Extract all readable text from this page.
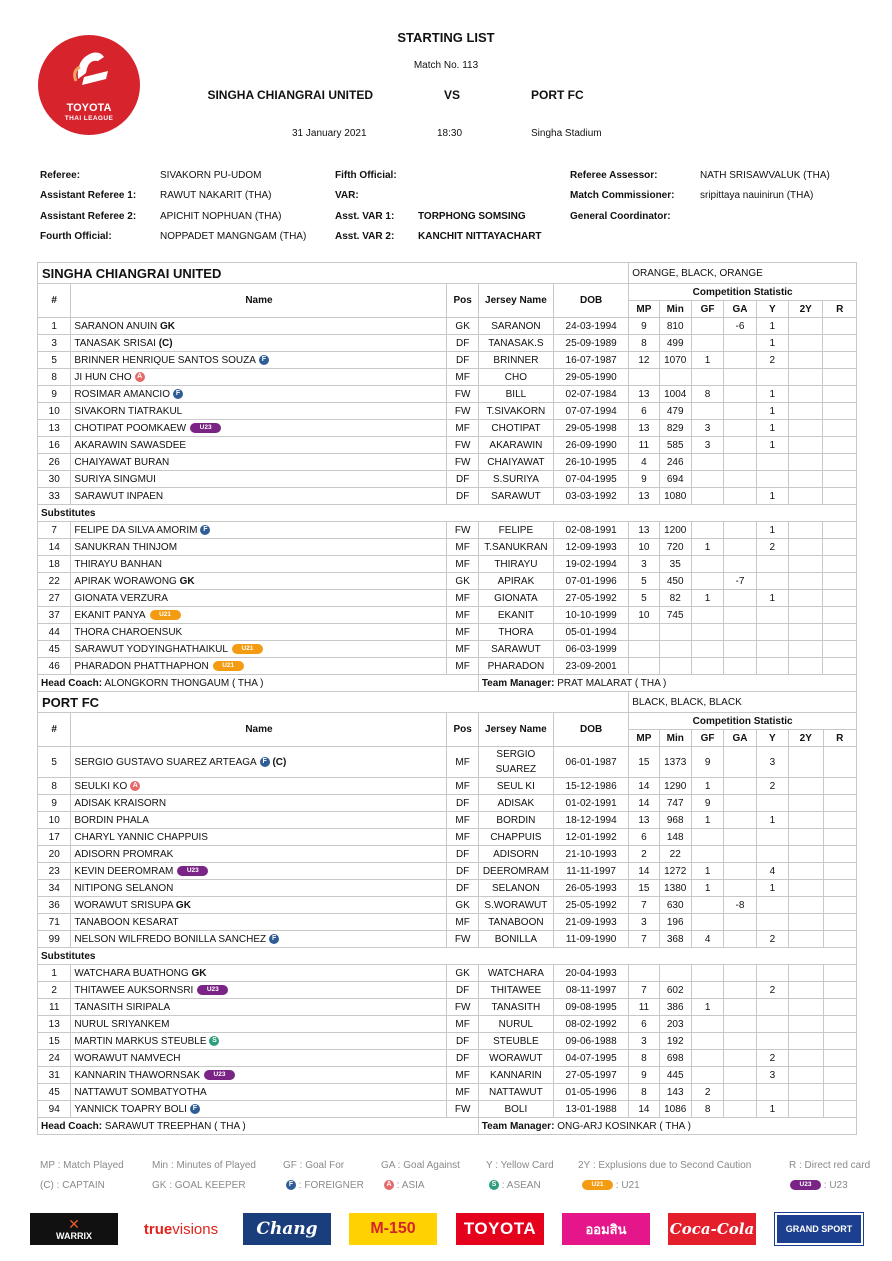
TOYOTA
THAI LEAGUE
STARTING LIST
Match No. 113
SINGHA CHIANGRAI UNITED	VS	PORT FC
31 January 2021	18:30	Singha Stadium
Referee:	SIVAKORN PU-UDOM
Assistant Referee 1: RAWUT NAKARIT (THA)
Assistant Referee 2: APICHIT NOPHUAN (THA)
Fourth Official:	NOPPADET MANGNGAM (THA)
Fifth Official:
VAR:
Asst. VAR 1: TORPHONG SOMSING
Asst. VAR 2: KANCHIT NITTAYACHART
Referee Assessor:	NATH SRISAWVALUK (THA)
Match Commissioner:	sripittaya nauinirun (THA)
General Coordinator:
SINGHA CHIANGRAI UNITED					ORANGE, BLACK, ORANGE						
#	Name	Pos	Jersey Name	DOB	Competition Statistic						
					MP	Min	GF	GA	Y	2Y	R
1	SARANON ANUIN GK	GK	SARANON	24-03-1994	9	810		-6	1		
3	TANASAK SRISAI (C)	DF	TANASAK.S	25-09-1989	8	499			1		
5	BRINNER HENRIQUE SANTOS SOUZA F	DF	BRINNER	16-07-1987	12	1070	1		2		
8	JI HUN CHO A	MF	CHO	29-05-1990							
9	ROSIMAR AMANCIO F	FW	BILL	02-07-1984	13	1004	8		1		
10	SIVAKORN TIATRAKUL	FW	T.SIVAKORN	07-07-1994	6	479			1		
13	CHOTIPAT POOMKAEW U23	MF	CHOTIPAT	29-05-1998	13	829	3		1		
16	AKARAWIN SAWASDEE	FW	AKARAWIN	26-09-1990	11	585	3		1		
26	CHAIYAWAT BURAN	FW	CHAIYAWAT	26-10-1995	4	246					
30	SURIYA SINGMUI	DF	S.SURIYA	07-04-1995	9	694					
33	SARAWUT INPAEN	DF	SARAWUT	03-03-1992	13	1080			1		
Substitutes											
7	FELIPE DA SILVA AMORIM F	FW	FELIPE	02-08-1991	13	1200			1		
14	SANUKRAN THINJOM	MF	T.SANUKRAN	12-09-1993	10	720	1		2		
18	THIRAYU BANHAN	MF	THIRAYU	19-02-1994	3	35					
22	APIRAK WORAWONG GK	GK	APIRAK	07-01-1996	5	450		-7			
27	GIONATA VERZURA	MF	GIONATA	27-05-1992	5	82	1		1		
37	EKANIT PANYA U21	MF	EKANIT	10-10-1999	10	745					
44	THORA CHAROENSUK	MF	THORA	05-01-1994							
45	SARAWUT YODYINGHATHAIKUL U21	MF	SARAWUT	06-03-1999							
46	PHARADON PHATTHAPHON U21	MF	PHARADON	23-09-2001							
Head Coach: ALONGKORN THONGAUM ( THA )			Team Manager: PRAT MALARAT ( THA )								
PORT FC					BLACK, BLACK, BLACK						
#	Name	Pos	Jersey Name	DOB	Competition Statistic						
					MP	Min	GF	GA	Y	2Y	R
5	SERGIO GUSTAVO SUAREZ ARTEAGA F (C)	MF	SERGIO SUAREZ	06-01-1987	15	1373	9		3		
8	SEULKI KO A	MF	SEUL KI	15-12-1986	14	1290	1		2		
9	ADISAK KRAISORN	DF	ADISAK	01-02-1991	14	747	9				
10	BORDIN PHALA	MF	BORDIN	18-12-1994	13	968	1		1		
17	CHARYL YANNIC CHAPPUIS	MF	CHAPPUIS	12-01-1992	6	148					
20	ADISORN PROMRAK	DF	ADISORN	21-10-1993	2	22					
23	KEVIN DEEROMRAM U23	DF	DEEROMRAM	11-11-1997	14	1272	1		4		
34	NITIPONG SELANON	DF	SELANON	26-05-1993	15	1380	1		1		
36	WORAWUT SRISUPA GK	GK	S.WORAWUT	25-05-1992	7	630		-8			
71	TANABOON KESARAT	MF	TANABOON	21-09-1993	3	196					
99	NELSON WILFREDO BONILLA SANCHEZ F	FW	BONILLA	11-09-1990	7	368	4		2		
Substitutes											
1	WATCHARA BUATHONG GK	GK	WATCHARA	20-04-1993							
2	THITAWEE AUKSORNSRI U23	DF	THITAWEE	08-11-1997	7	602			2		
11	TANASITH SIRIPALA	FW	TANASITH	09-08-1995	11	386	1				
13	NURUL SRIYANKEM	MF	NURUL	08-02-1992	6	203					
15	MARTIN MARKUS STEUBLE S	DF	STEUBLE	09-06-1988	3	192					
24	WORAWUT NAMVECH	DF	WORAWUT	04-07-1995	8	698			2		
31	KANNARIN THAWORNSAK U23	MF	KANNARIN	27-05-1997	9	445			3		
45	NATTAWUT SOMBATYOTHA	MF	NATTAWUT	01-05-1996	8	143	2				
94	YANNICK TOAPRY BOLI F	FW	BOLI	13-01-1988	14	1086	8		1		
Head Coach: SARAWUT TREEPHAN ( THA )			Team Manager: ONG-ARJ KOSINKAR ( THA )								
MP : Match Played	Min : Minutes of Played	GF : Goal For	GA : Goal Against	Y : Yellow Card 2Y : Explusions due to Second Caution	R : Direct red card
(C) : CAPTAIN	GK : GOAL KEEPER	F : FOREIGNER	A : ASIA	S : ASEAN	U21 : U21	U23 : U23
✕
WARRIX	true visions	Chang	M-150	TOYOTA	ออมสิน	Coca-Cola	GRAND SPORT
